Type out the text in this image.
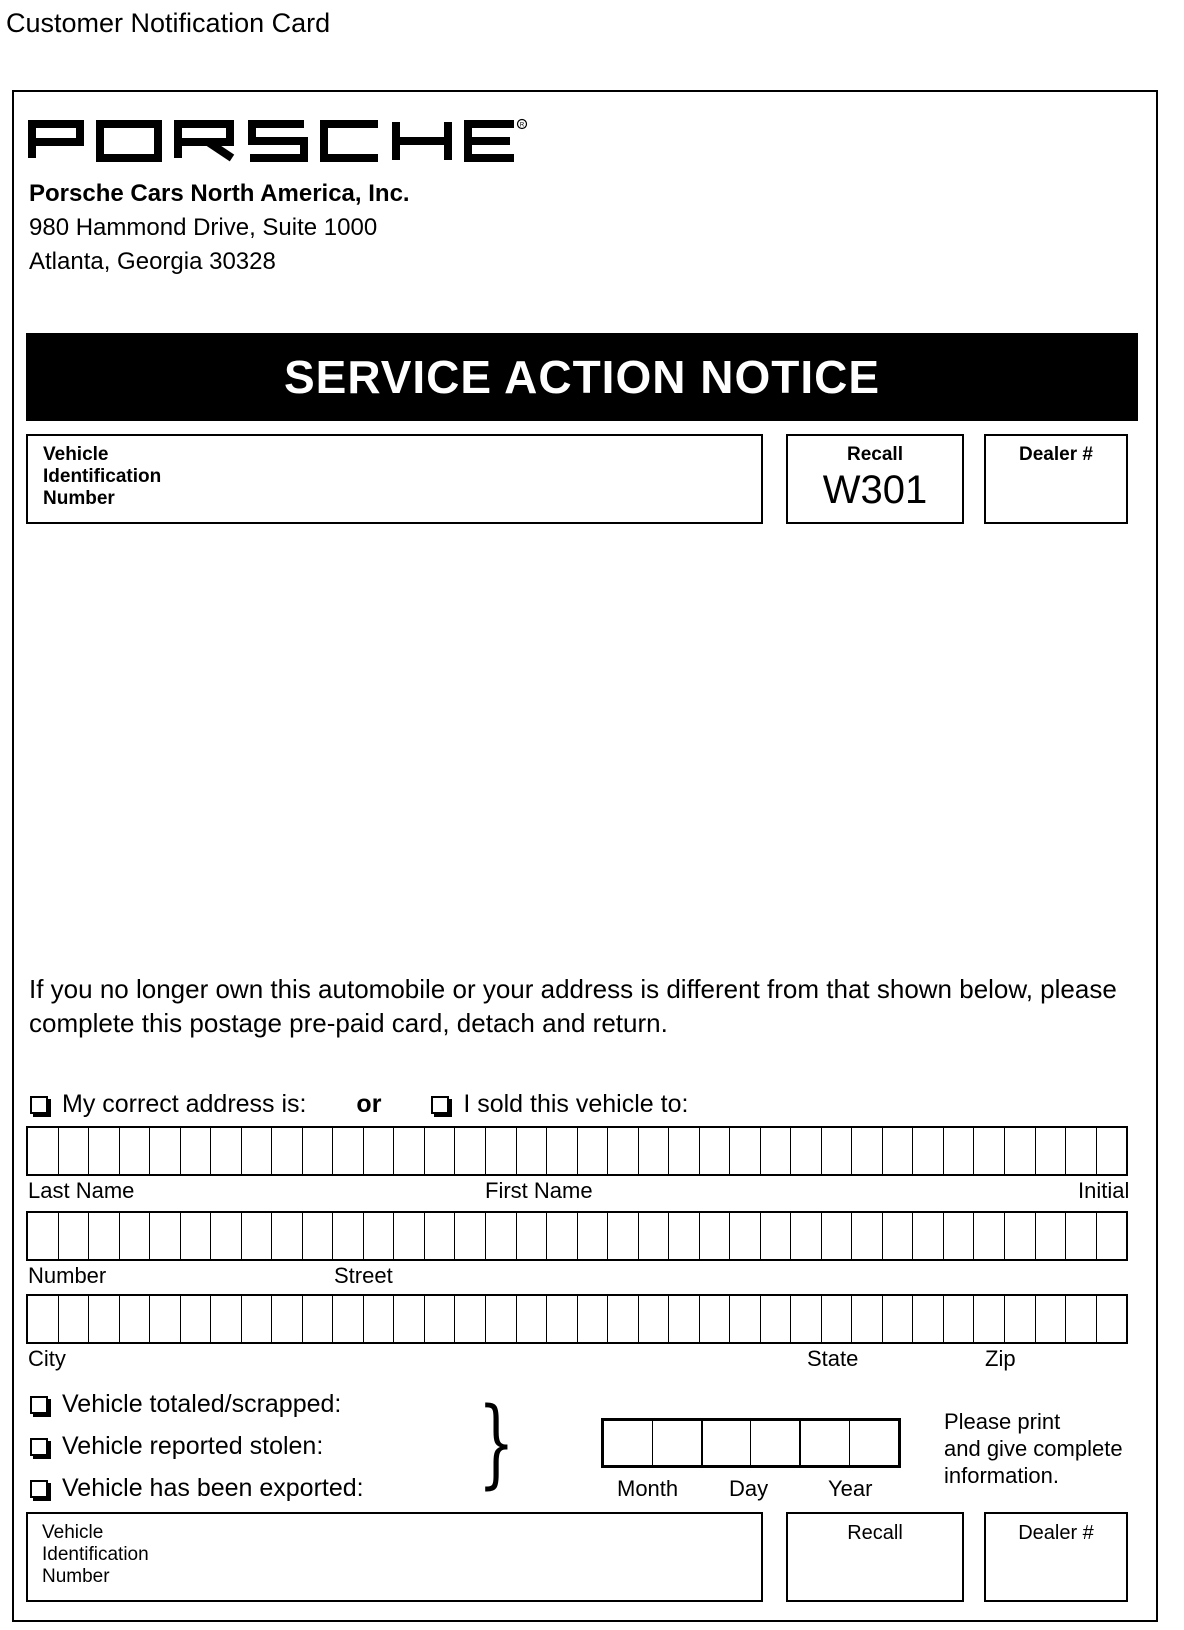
Customer Notification Card
R
Porsche Cars North America, Inc.
980 Hammond Drive, Suite 1000
Atlanta, Georgia 30328
SERVICE ACTION NOTICE
Vehicle
Identification
Number
Recall
W301
Dealer #
If you no longer own this automobile or your address is different from that shown below, please complete this postage pre-paid card, detach and return.
My correct address is: or	I sold this vehicle to:
Last Name	First Name	Initial
Number	Street
City	State	Zip
Vehicle totaled/scrapped:
Vehicle reported stolen:
Vehicle has been exported: }	Month Day	Year
Please print
and give complete
information.
Vehicle
Identification
Number
Recall	Dealer #
